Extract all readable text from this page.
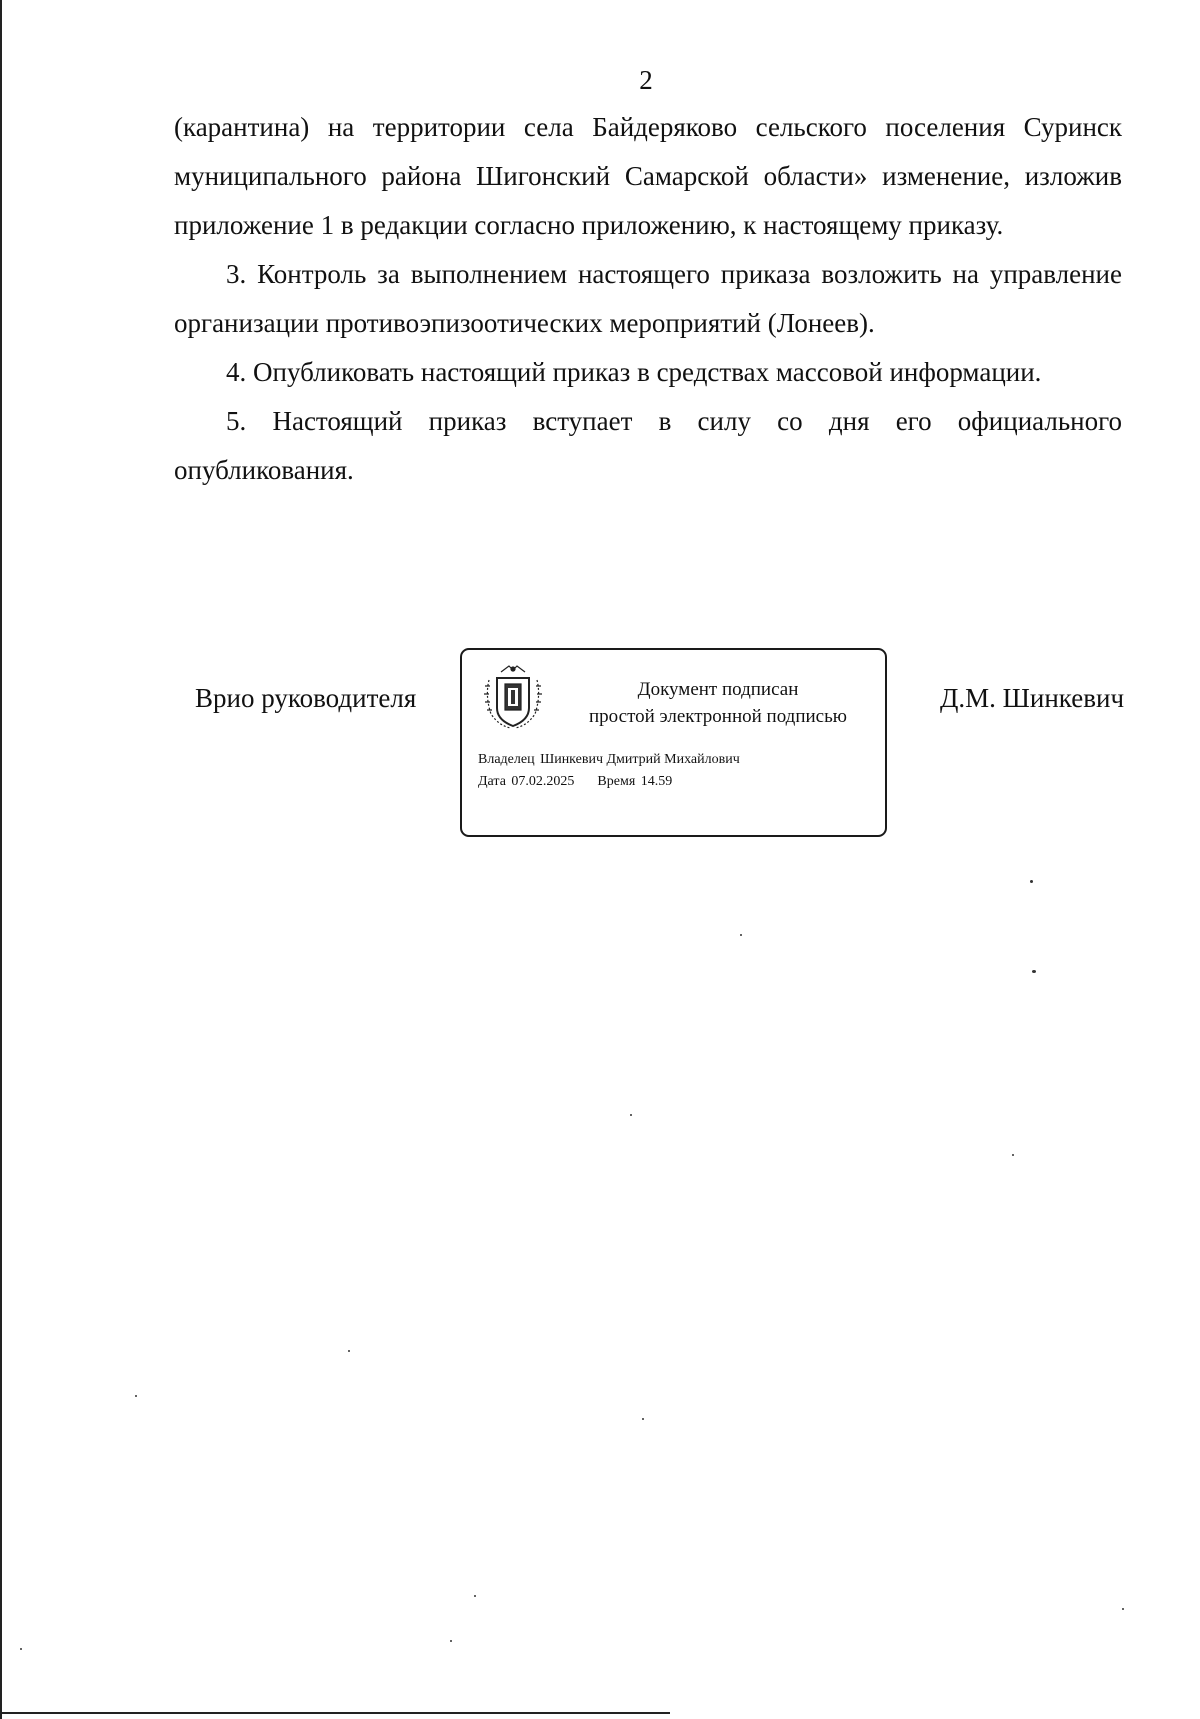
2

(карантина) на территории села Байдеряково сельского поселения Суринск муниципального района Шигонский Самарской области» изменение, изложив приложение 1 в редакции согласно приложению, к настоящему приказу.

3. Контроль за выполнением настоящего приказа возложить на управление организации противоэпизоотических мероприятий (Лонеев).

4. Опубликовать настоящий приказ в средствах массовой информации.

5. Настоящий приказ вступает в силу со дня его официального опубликования.

Врио руководителя	Документ подписан
простой электронной подписью
Владелец Шинкевич Дмитрий Михайлович
Дата 07.02.2025 Время 14.59
Д.М. Шинкевич
